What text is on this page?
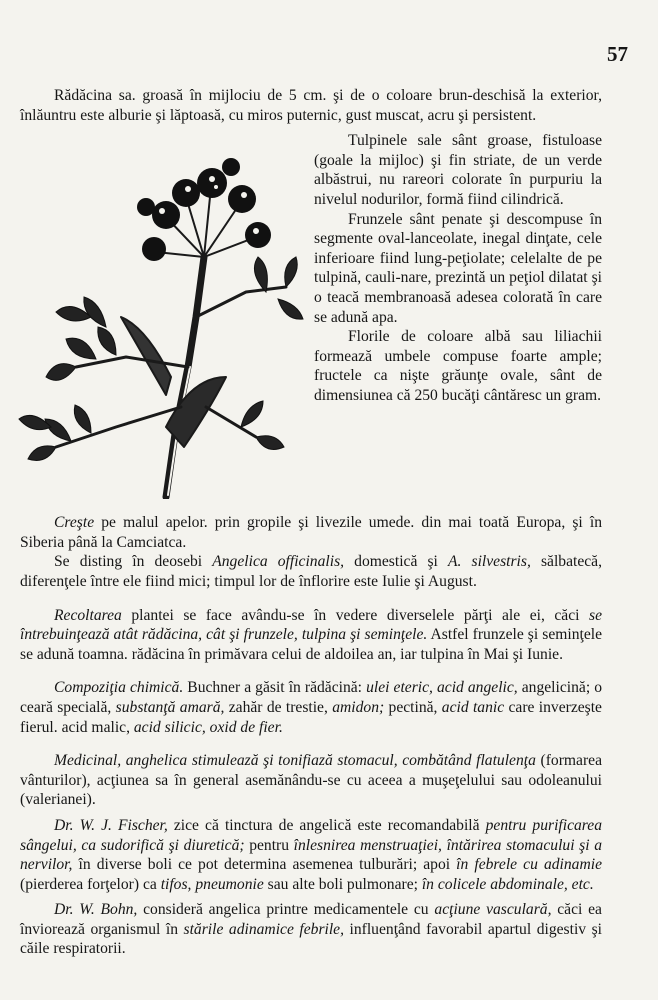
57

Rădăcina sa. groasă în mijlociu de 5 cm. şi de o coloare brun-deschisă la exterior, înlăuntru este alburie şi lăptoasă, cu miros puternic, gust muscat, acru şi persistent.

Tulpinele sale sânt groase, fistuloase (goale la mijloc) şi fin striate, de un verde albăstrui, nu rareori colorate în purpuriu la nivelul nodurilor, formă fiind cilindrică.

Frunzele sânt penate şi descompuse în segmente oval-lanceolate, inegal dinţate, cele inferioare fiind lung-peţiolate; celelalte de pe tulpină, cauli-nare, prezintă un peţiol dilatat şi o teacă membranoasă adesea colorată în care se adună apa.

Florile de coloare albă sau liliachii formează umbele compuse foarte ample; fructele ca nişte grăunţe ovale, sânt de dimensiunea că 250 bucăţi cântăresc un gram.

Creşte pe malul apelor. prin gropile şi livezile umede. din mai toată Europa, şi în Siberia până la Camciatca.

Se disting în deosebi Angelica officinalis, domestică şi A. silvestris, sălbatecă, diferenţele între ele fiind mici; timpul lor de înflorire este Iulie şi August.

Recoltarea plantei se face avându-se în vedere diverselele părţi ale ei, căci se întrebuinţează atât rădăcina, cât şi frunzele, tulpina şi seminţele. Astfel frunzele şi seminţele se adună toamna. rădăcina în primăvara celui de aldoilea an, iar tulpina în Mai şi Iunie.

Compoziţia chimică. Buchner a găsit în rădăcină: ulei eteric, acid angelic, angelicină; o ceară specială, substanţă amară, zahăr de trestie, amidon; pectină, acid tanic care inverzeşte fierul. acid malic, acid silicic, oxid de fier.

Medicinal, anghelica stimulează şi tonifiază stomacul, combătând flatulenţa (formarea vânturilor), acţiunea sa în general asemănându-se cu aceea a muşeţelului sau odoleanului (valerianei).

Dr. W. J. Fischer, zice că tinctura de angelică este recomandabilă pentru purificarea sângelui, ca sudorifică şi diuretică; pentru înlesnirea menstruaţiei, întărirea stomacului şi a nervilor, în diverse boli ce pot determina asemenea tulburări; apoi în febrele cu adinamie (pierderea forţelor) ca tifos, pneumonie sau alte boli pulmonare; în colicele abdominale, etc.

Dr. W. Bohn, consideră angelica printre medicamentele cu acţiune vasculară, căci ea înviorează organismul în stările adinamice febrile, influenţând favorabil apartul digestiv şi căile respiratorii.
